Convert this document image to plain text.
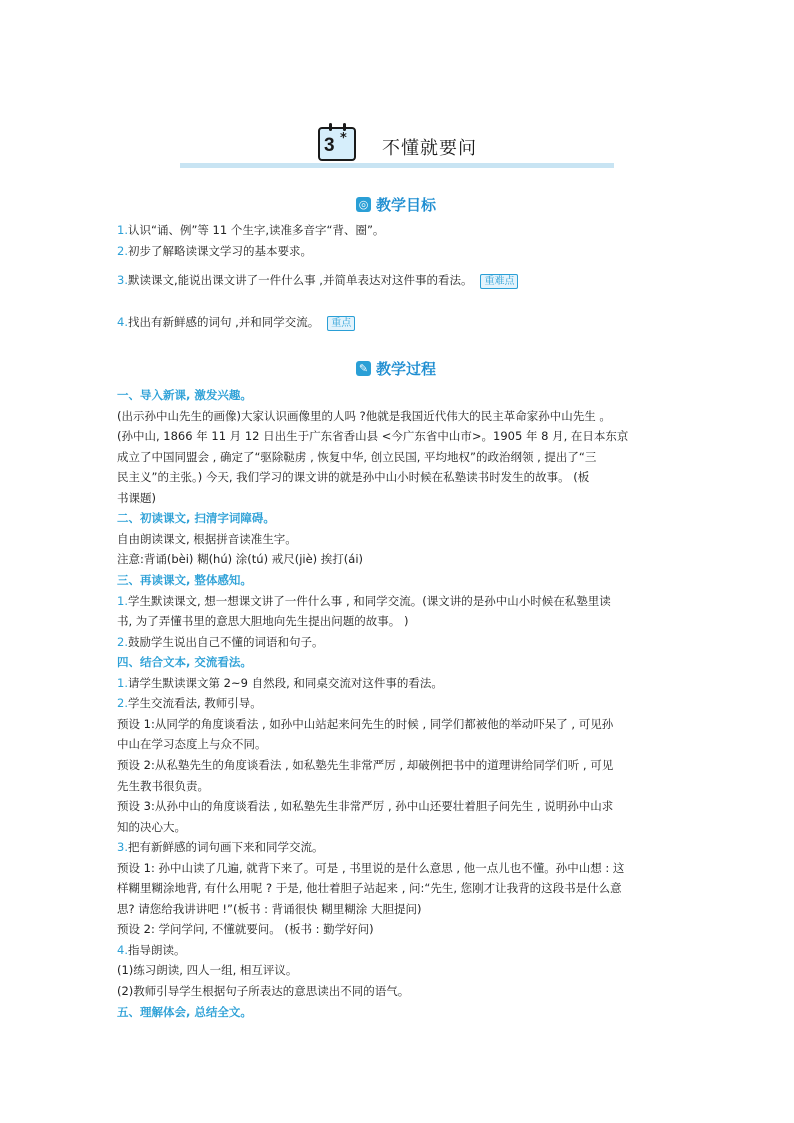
3 * 不懂就要问
◎ 教学目标
1.认识“诵、例”等 11 个生字,读准多音字“背、圈”。
2.初步了解略读课文学习的基本要求。
3.默读课文,能说出课文讲了一件什么事 ,并简单表达对这件事的看法。 重难点
4.找出有新鲜感的词句 ,并和同学交流。 重点
✎ 教学过程
一、导入新课, 激发兴趣。
(出示孙中山先生的画像)大家认识画像里的人吗 ?他就是我国近代伟大的民主革命家孙中山先生 。
(孙中山, 1866 年 11 月 12 日出生于广东省香山县 <今广东省中山市>。1905 年 8 月, 在日本东京
成立了中国同盟会 , 确定了“驱除鞑虏 , 恢复中华, 创立民国, 平均地权”的政治纲领 , 提出了“三
民主义”的主张。) 今天, 我们学习的课文讲的就是孙中山小时候在私塾读书时发生的故事。 (板
书课题)
二、初读课文, 扫清字词障碍。
自由朗读课文, 根据拼音读准生字。
注意:背诵(bèi) 糊(hú) 涂(tú) 戒尺(jiè) 挨打(ái)
三、再读课文, 整体感知。
1.学生默读课文, 想一想课文讲了一件什么事 , 和同学交流。(课文讲的是孙中山小时候在私塾里读
书, 为了弄懂书里的意思大胆地向先生提出问题的故事。 )
2.鼓励学生说出自己不懂的词语和句子。
四、结合文本, 交流看法。
1.请学生默读课文第 2~9 自然段, 和同桌交流对这件事的看法。
2.学生交流看法, 教师引导。
预设 1:从同学的角度谈看法 , 如孙中山站起来问先生的时候 , 同学们都被他的举动吓呆了 , 可见孙
中山在学习态度上与众不同。
预设 2:从私塾先生的角度谈看法 , 如私塾先生非常严厉 , 却破例把书中的道理讲给同学们听 , 可见
先生教书很负责。
预设 3:从孙中山的角度谈看法 , 如私塾先生非常严厉 , 孙中山还要壮着胆子问先生 , 说明孙中山求
知的决心大。
3.把有新鲜感的词句画下来和同学交流。
预设 1: 孙中山读了几遍, 就背下来了。可是 , 书里说的是什么意思 , 他一点儿也不懂。孙中山想 : 这
样糊里糊涂地背, 有什么用呢 ? 于是, 他壮着胆子站起来 , 问:“先生, 您刚才让我背的这段书是什么意
思? 请您给我讲讲吧 !”(板书 : 背诵很快 糊里糊涂 大胆提问)
预设 2: 学问学问, 不懂就要问。 (板书 : 勤学好问)
4.指导朗读。
(1)练习朗读, 四人一组, 相互评议。
(2)教师引导学生根据句子所表达的意思读出不同的语气。
五、理解体会, 总结全文。
